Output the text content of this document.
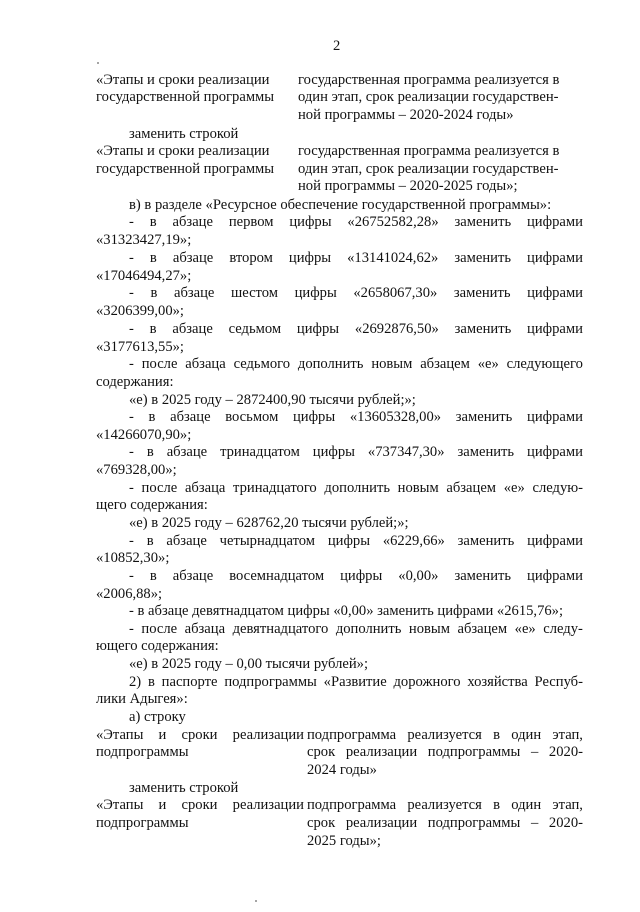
2
«Этапы и сроки реализации
государственной программы
государственная программа реализуется в
один этап, срок реализации государствен-
ной программы – 2020-2024 годы»
заменить строкой
«Этапы и сроки реализации
государственной программы
государственная программа реализуется в
один этап, срок реализации государствен-
ной программы – 2020-2025 годы»;
в) в разделе «Ресурсное обеспечение государственной программы»:
- в абзаце первом цифры «26752582,28» заменить цифрами
«31323427,19»;
- в абзаце втором цифры «13141024,62» заменить цифрами
«17046494,27»;
- в абзаце шестом цифры «2658067,30» заменить цифрами
«3206399,00»;
- в абзаце седьмом цифры «2692876,50» заменить цифрами
«3177613,55»;
- после абзаца седьмого дополнить новым абзацем «е» следующего
содержания:
«е) в 2025 году – 2872400,90 тысячи рублей;»;
- в абзаце восьмом цифры «13605328,00» заменить цифрами
«14266070,90»;
- в абзаце тринадцатом цифры «737347,30» заменить цифрами
«769328,00»;
- после абзаца тринадцатого дополнить новым абзацем «е» следую-
щего содержания:
«е) в 2025 году – 628762,20 тысячи рублей;»;
- в абзаце четырнадцатом цифры «6229,66» заменить цифрами
«10852,30»;
- в абзаце восемнадцатом цифры «0,00» заменить цифрами
«2006,88»;
- в абзаце девятнадцатом цифры «0,00» заменить цифрами «2615,76»;
- после абзаца девятнадцатого дополнить новым абзацем «е» следу-
ющего содержания:
«е) в 2025 году – 0,00 тысячи рублей»;
2) в паспорте подпрограммы «Развитие дорожного хозяйства Респуб-
лики Адыгея»:
а) строку
«Этапы и сроки реализации
подпрограммы
подпрограмма реализуется в один этап,
срок реализации подпрограммы – 2020-
2024 годы»
заменить строкой
«Этапы и сроки реализации
подпрограммы
подпрограмма реализуется в один этап,
срок реализации подпрограммы – 2020-
2025 годы»;
